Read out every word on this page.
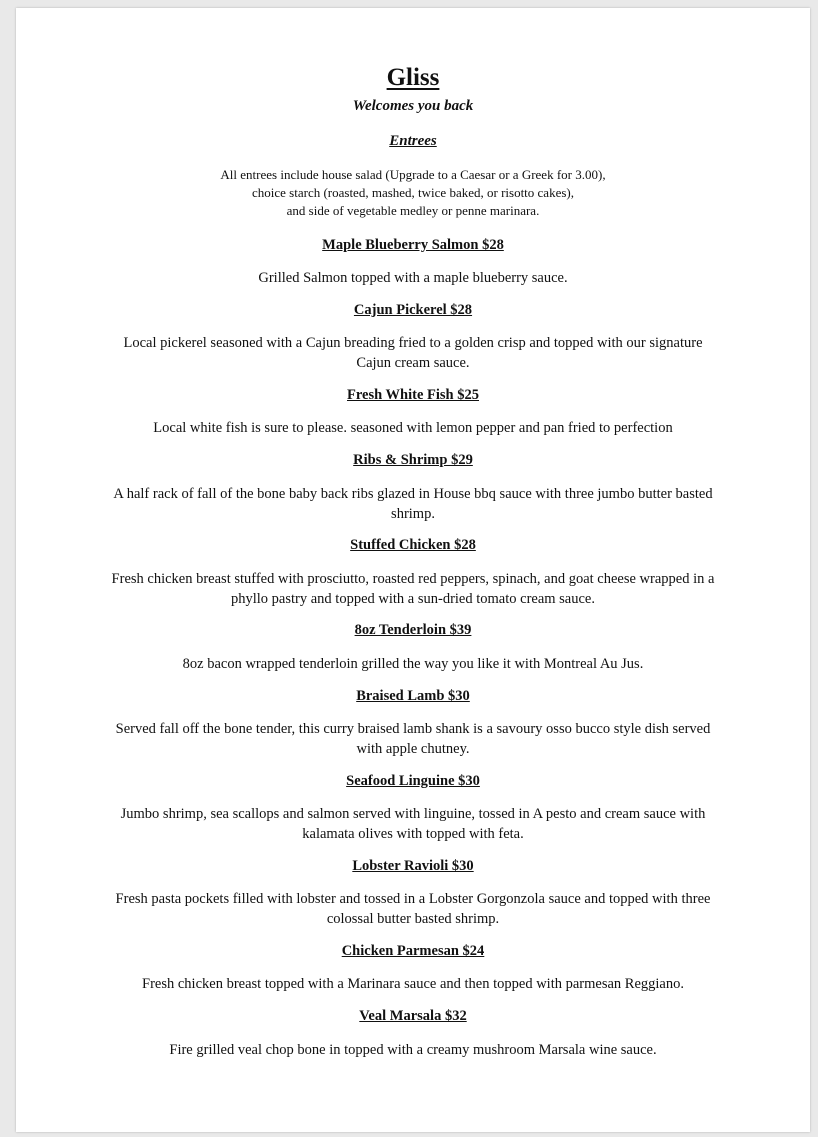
Gliss
Welcomes you back
Entrees
All entrees include house salad (Upgrade to a Caesar or a Greek for 3.00),
choice starch (roasted, mashed, twice baked, or risotto cakes),
and side of vegetable medley or penne marinara.
Maple Blueberry Salmon $28
Grilled Salmon topped with a maple blueberry sauce.
Cajun Pickerel $28
Local pickerel seasoned with a Cajun breading fried to a golden crisp and topped with our signature Cajun cream sauce.
Fresh White Fish $25
Local white fish is sure to please. seasoned with lemon pepper and pan fried to perfection
Ribs & Shrimp $29
A half rack of fall of the bone baby back ribs glazed in House bbq sauce with three jumbo butter basted shrimp.
Stuffed Chicken $28
Fresh chicken breast stuffed with prosciutto, roasted red peppers, spinach, and goat cheese wrapped in a phyllo pastry and topped with a sun-dried tomato cream sauce.
8oz Tenderloin $39
8oz bacon wrapped tenderloin grilled the way you like it with Montreal Au Jus.
Braised Lamb $30
Served fall off the bone tender, this curry braised lamb shank is a savoury osso bucco style dish served with apple chutney.
Seafood Linguine $30
Jumbo shrimp, sea scallops and salmon served with linguine, tossed in A pesto and cream sauce with kalamata olives with topped with feta.
Lobster Ravioli $30
Fresh pasta pockets filled with lobster and tossed in a Lobster Gorgonzola sauce and topped with three colossal butter basted shrimp.
Chicken Parmesan $24
Fresh chicken breast topped with a Marinara sauce and then topped with parmesan Reggiano.
Veal Marsala $32
Fire grilled veal chop bone in topped with a creamy mushroom Marsala wine sauce.
